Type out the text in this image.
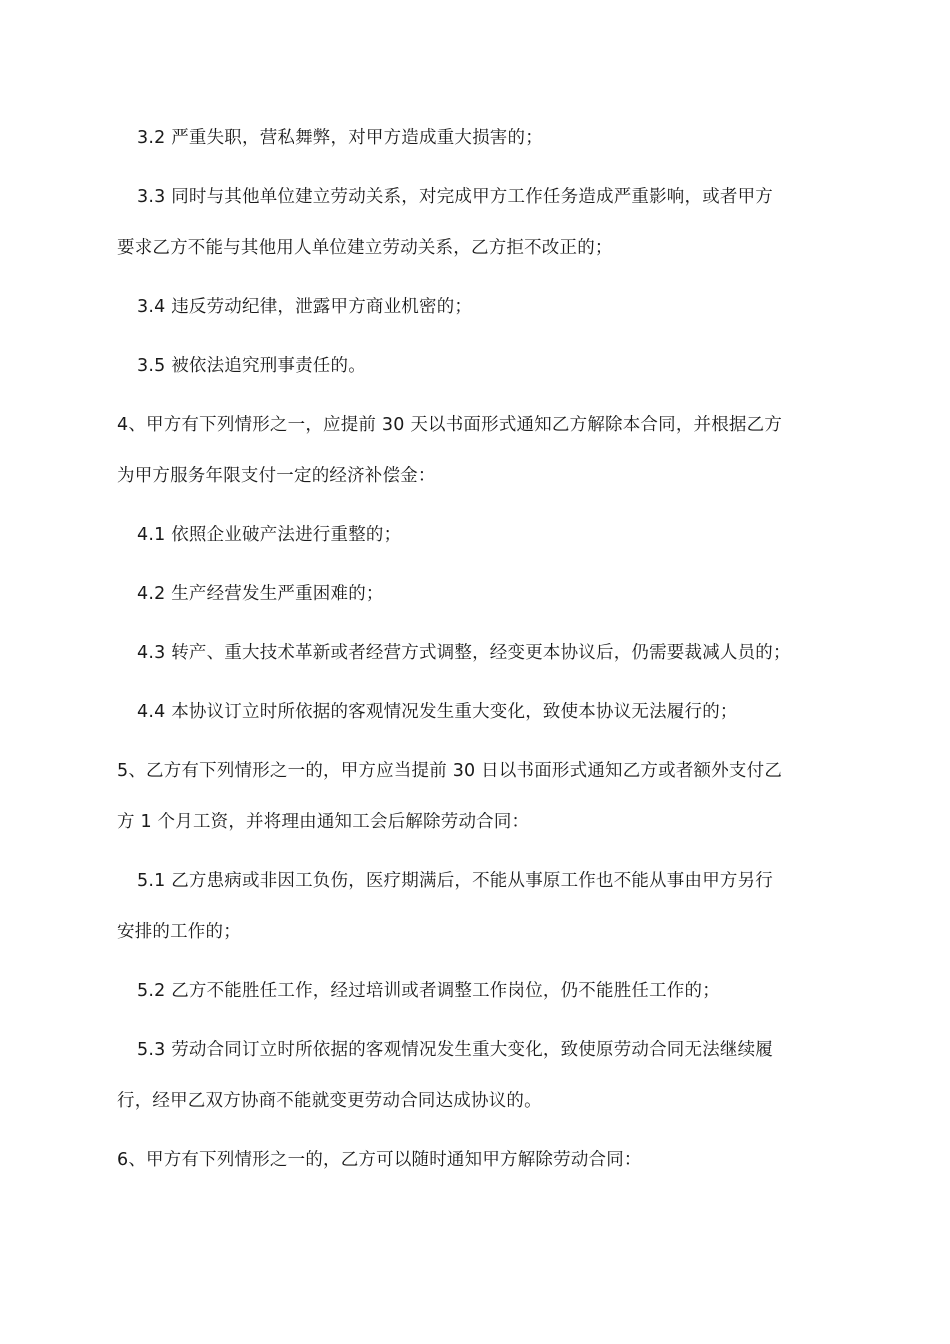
3.2 严重失职，营私舞弊，对甲方造成重大损害的；

3.3 同时与其他单位建立劳动关系，对完成甲方工作任务造成严重影响，或者甲方

要求乙方不能与其他用人单位建立劳动关系，乙方拒不改正的；

3.4 违反劳动纪律，泄露甲方商业机密的；

3.5 被依法追究刑事责任的。

4、甲方有下列情形之一，应提前 30 天以书面形式通知乙方解除本合同，并根据乙方

为甲方服务年限支付一定的经济补偿金：

4.1 依照企业破产法进行重整的；

4.2 生产经营发生严重困难的；

4.3 转产、重大技术革新或者经营方式调整，经变更本协议后，仍需要裁减人员的；

4.4 本协议订立时所依据的客观情况发生重大变化，致使本协议无法履行的；

5、乙方有下列情形之一的，甲方应当提前 30 日以书面形式通知乙方或者额外支付乙

方 1 个月工资，并将理由通知工会后解除劳动合同：

5.1 乙方患病或非因工负伤，医疗期满后，不能从事原工作也不能从事由甲方另行

安排的工作的；

5.2 乙方不能胜任工作，经过培训或者调整工作岗位，仍不能胜任工作的；

5.3 劳动合同订立时所依据的客观情况发生重大变化，致使原劳动合同无法继续履

行，经甲乙双方协商不能就变更劳动合同达成协议的。

6、甲方有下列情形之一的，乙方可以随时通知甲方解除劳动合同：
